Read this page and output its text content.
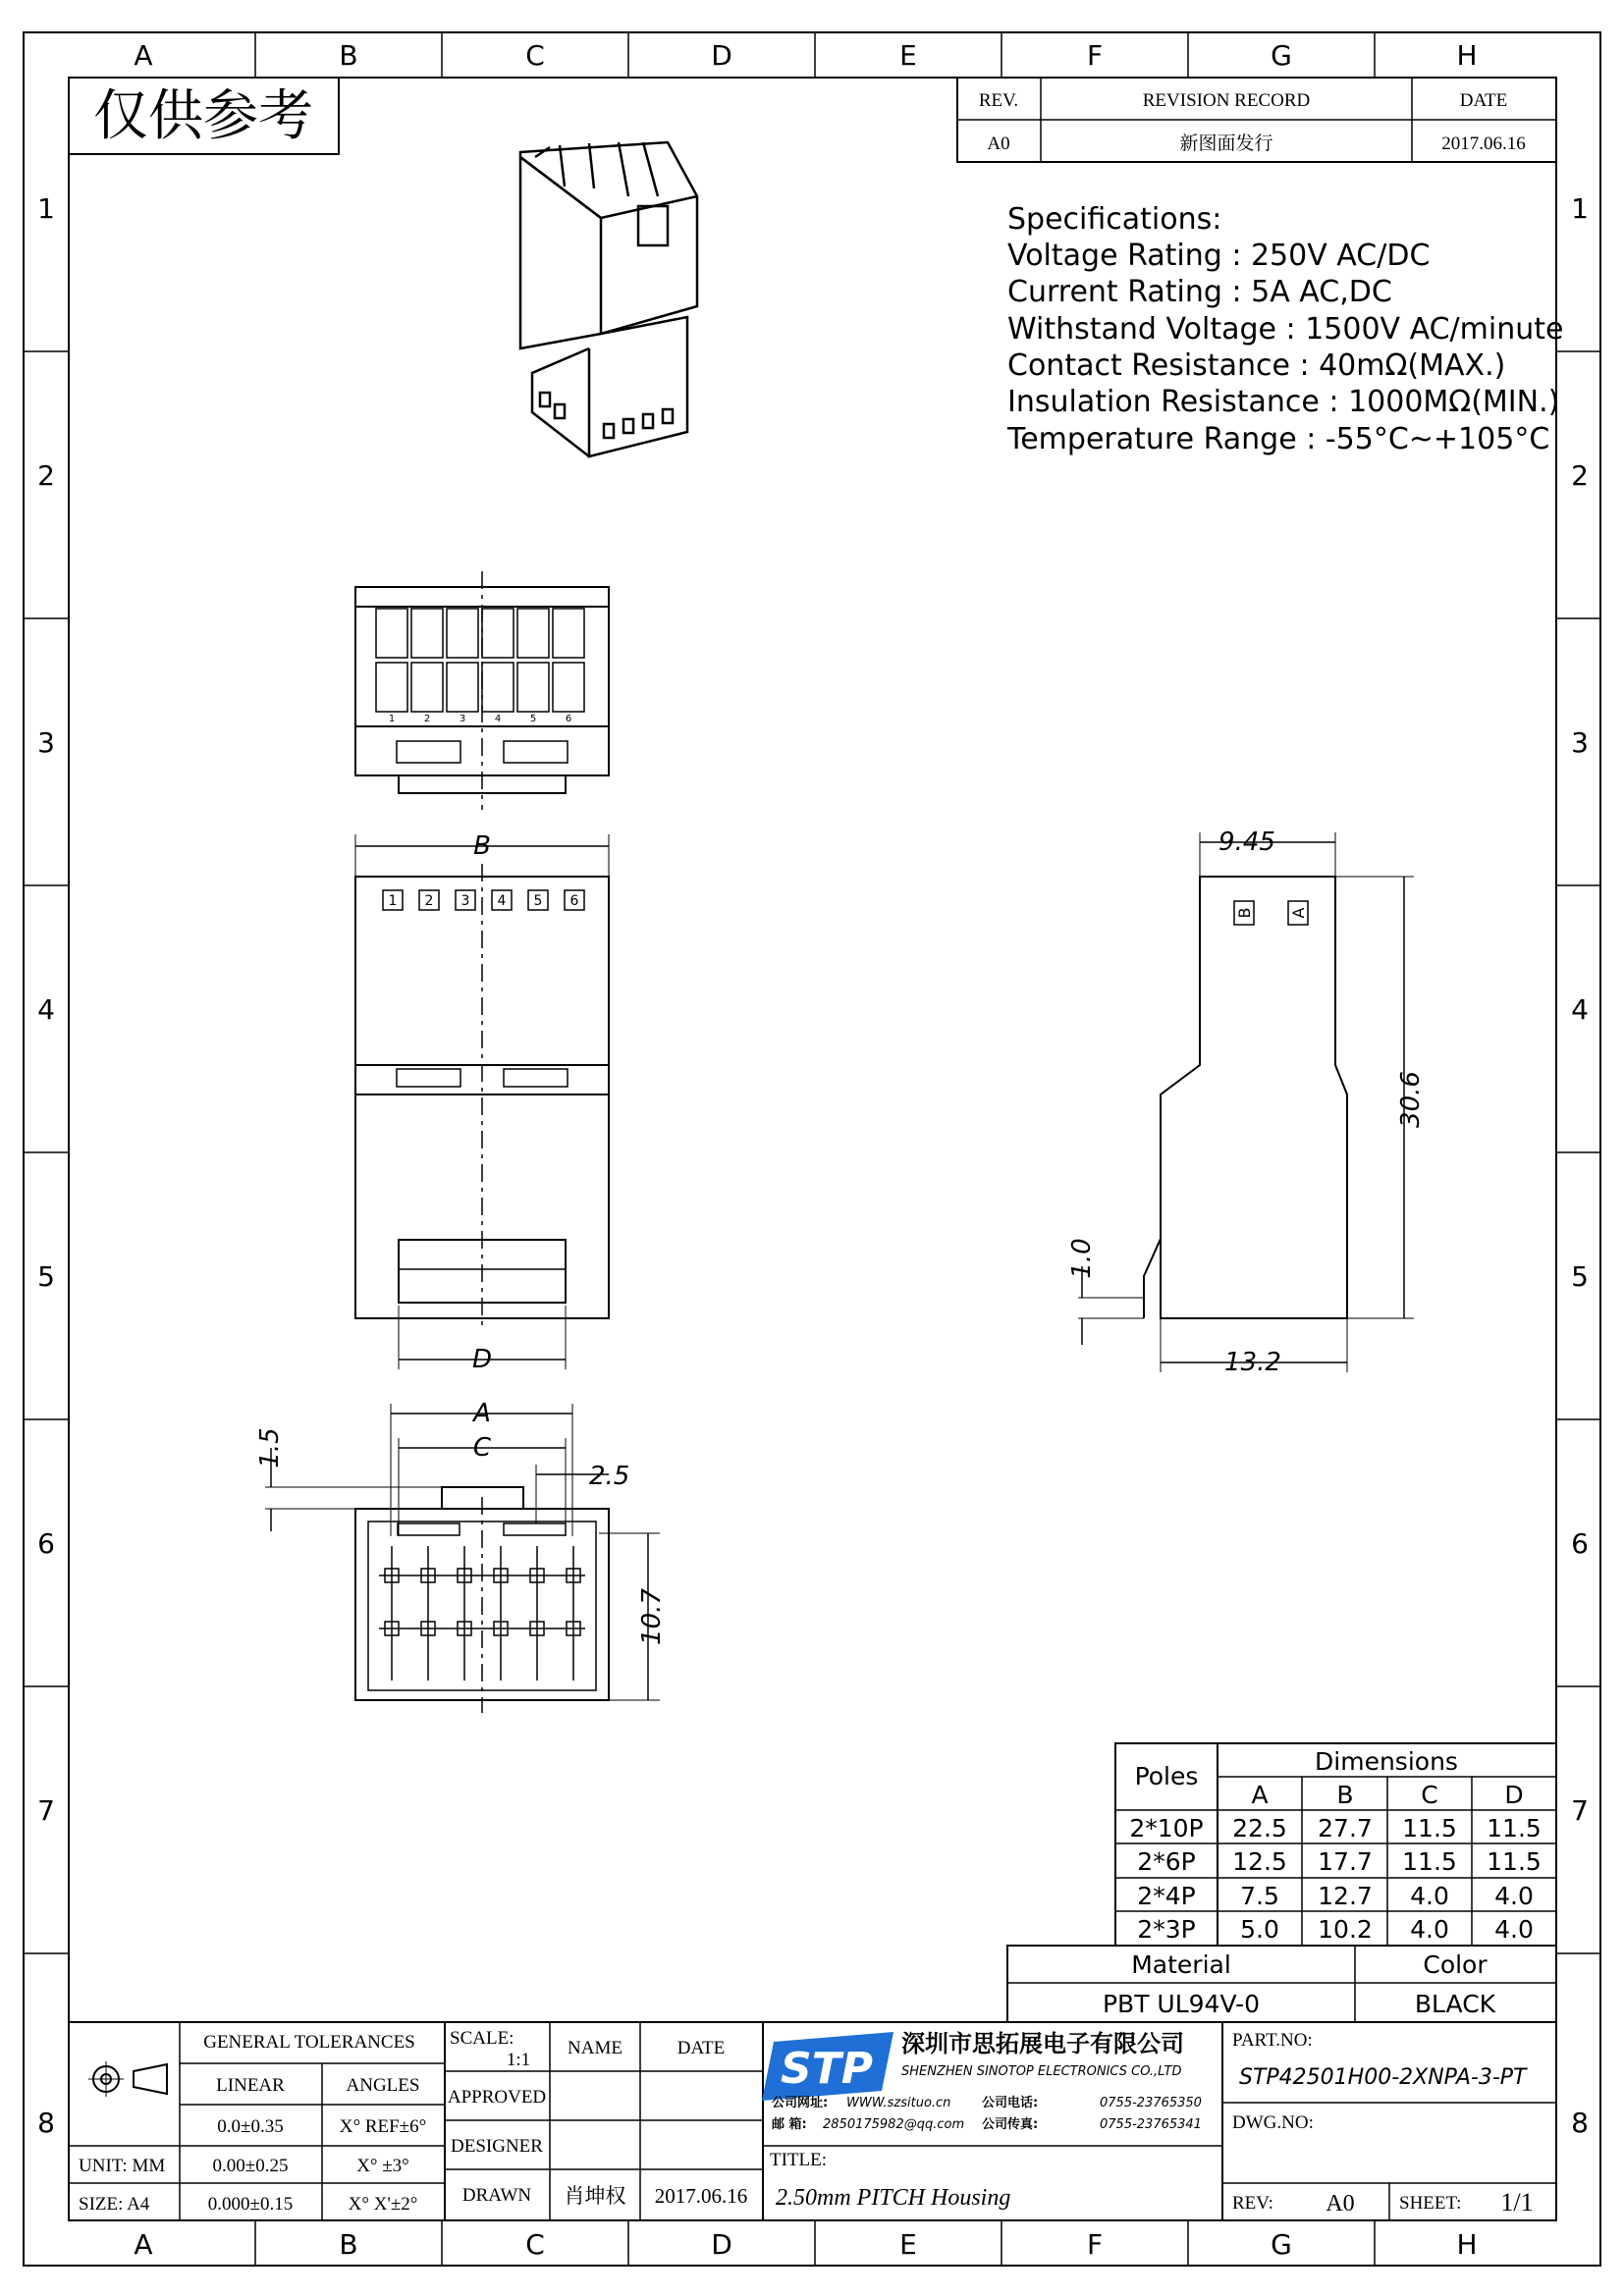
A	B	C	D	E	F	G	H
A	B	C	D	E	F	G	H
1
2
3
4
5
6
7
8
1
2
3
4
5
6
7
8
仅供参考	REV.	REVISION RECORD	DATE
A0	新图面发行	2017.06.16
Specifications:
Voltage Rating : 250V AC/DC
Current Rating : 5A AC,DC
Withstand Voltage : 1500V AC/minute
Contact Resistance : 40mΩ(MAX.)
Insulation Resistance : 1000MΩ(MIN.)
Temperature Range : -55°C~+105°C
1	2	3	4	5	6
1 2 3 4 5 6
B
D
9.45
13.2
30.6
1.0
B A
A
C
2.5
1.5
10.7
Poles
Dimensions
A	B	C	D
2*10P 22.5 27.7 11.5 11.5
2*6P 12.5 17.7 11.5 11.5
2*4P 7.5 12.7 4.0 4.0
2*3P 5.0 10.2 4.0 4.0
Material	Color
PBT UL94V-0	BLACK
STP
GENERAL TOLERANCES
LINEAR	ANGLES
0.0±0.35	X° REF±6°
0.00±0.25	X° ±3°
0.000±0.15	X° X'±2°
UNIT: MM
SIZE: A4
SCALE:
1:1
NAME	DATE
APPROVED
DESIGNER
DRAWN 肖坤权 2017.06.16
TITLE:
2.50mm PITCH Housing
PART.NO:
STP42501H00-2XNPA-3-PT
DWG.NO:
REV: A0 SHEET: 1/1
深圳市思拓展电子有限公司
SHENZHEN SINOTOP ELECTRONICS CO.,LTD
公司网址: WWW.szsituo.cn 公司电话:	0755-23765350
邮 箱: 2850175982@qq.com 公司传真:	0755-23765341
